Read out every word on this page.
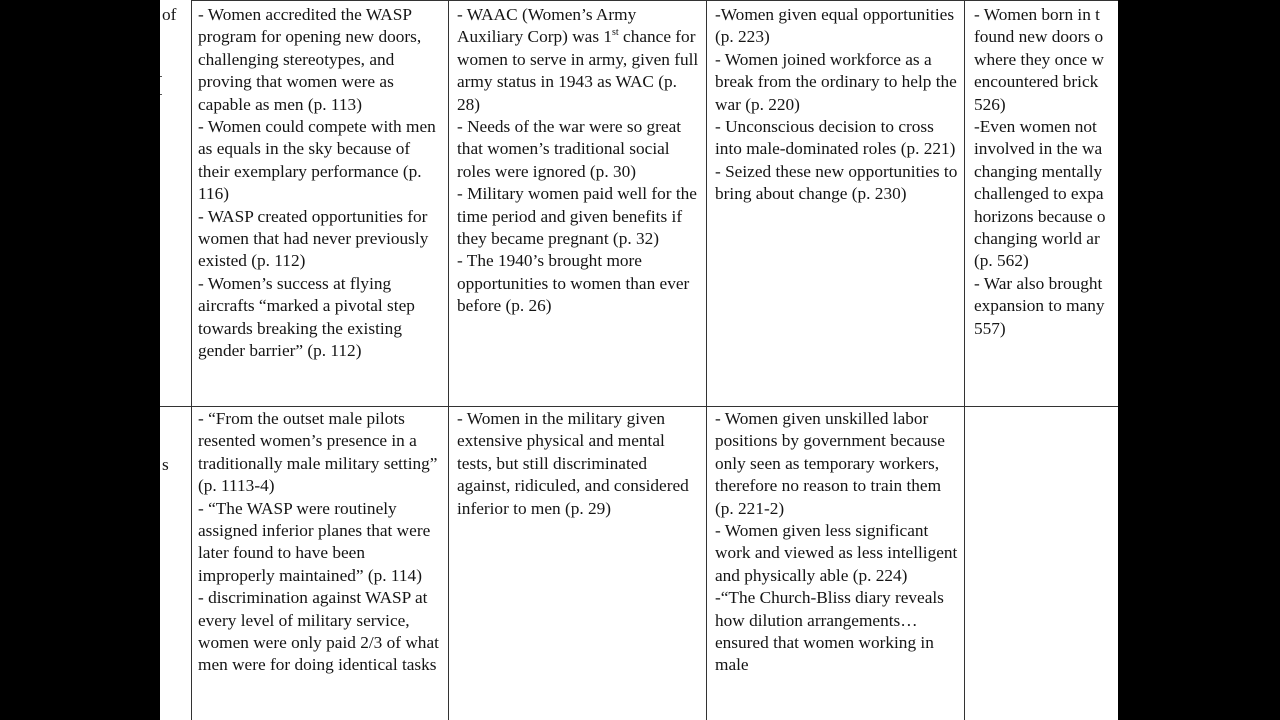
of
s

- Women accredited the WASP program for opening new doors, challenging stereotypes, and proving that women were as capable as men (p. 113)

- Women could compete with men as equals in the sky because of their exemplary performance (p. 116)

- WASP created opportunities for women that had never previously existed (p. 112)

- Women’s success at flying aircrafts “marked a pivotal step towards breaking the existing gender barrier” (p. 112)

- WAAC (Women’s Army Auxiliary Corp) was 1st chance for women to serve in army, given full army status in 1943 as WAC (p. 28)

- Needs of the war were so great that women’s traditional social roles were ignored (p. 30)

- Military women paid well for the time period and given benefits if they became pregnant (p. 32)

- The 1940’s brought more opportunities to women than ever before (p. 26)

-Women given equal opportunities (p. 223)

- Women joined workforce as a break from the ordinary to help the war (p. 220)

- Unconscious decision to cross into male-dominated roles (p. 221)

- Seized these new opportunities to bring about change (p. 230)

- Women born in t

found new doors o

where they once w

encountered brick

526)

-Even women not

involved in the wa

changing mentally

challenged to expa

horizons because o

changing world ar

(p. 562)

- War also brought

expansion to many

557)

- “From the outset male pilots resented women’s presence in a traditionally male military setting” (p. 1113-4)

- “The WASP were routinely assigned inferior planes that were later found to have been improperly maintained” (p. 114)

- discrimination against WASP at every level of military service, women were only paid 2/3 of what men were for doing identical tasks

- Women in the military given extensive physical and mental tests, but still discriminated against, ridiculed, and considered inferior to men (p. 29)

- Women given unskilled labor positions by government because only seen as temporary workers, therefore no reason to train them (p. 221-2)

- Women given less significant work and viewed as less intelligent and physically able (p. 224)

-“The Church-Bliss diary reveals how dilution arrangements…ensured that women working in male
